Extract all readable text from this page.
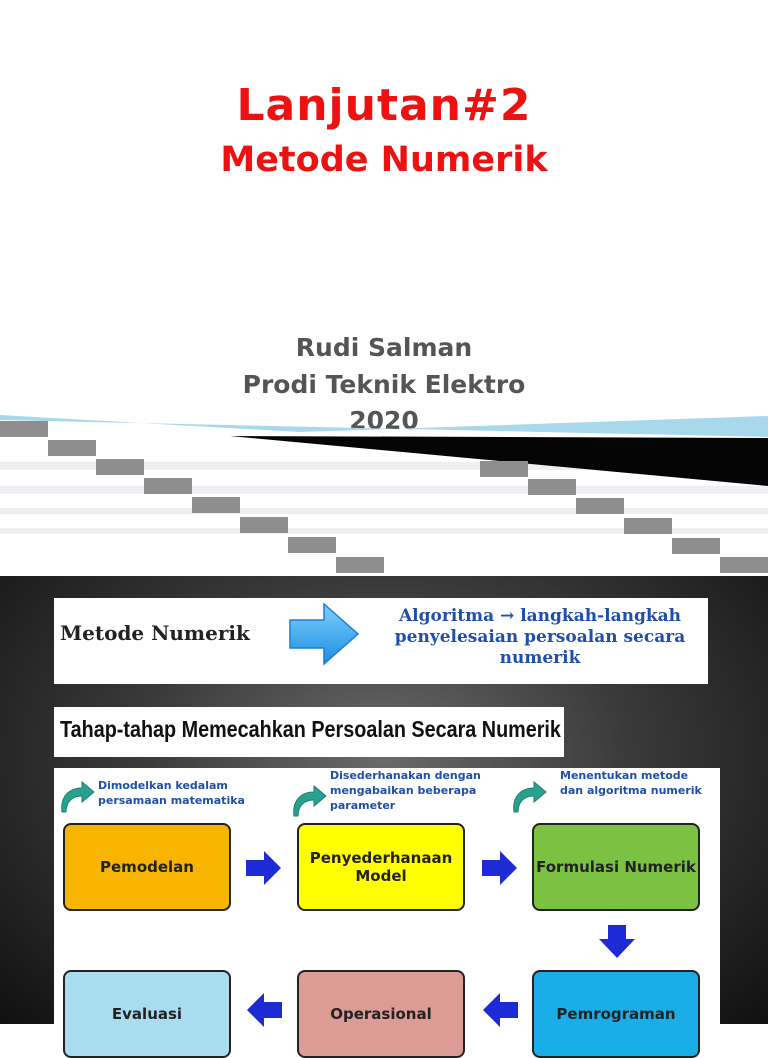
Lanjutan#2
Metode Numerik
Rudi Salman
Prodi Teknik Elektro
2020
Metode Numerik
Algoritma → langkah-langkah penyelesaian persoalan secara numerik
Tahap-tahap Memecahkan Persoalan Secara Numerik
Dimodelkan kedalam persamaan matematika
Disederhanakan dengan mengabaikan beberapa parameter
Menentukan metode dan algoritma numerik
Pemodelan	Penyederhanaan Model	Formulasi Numerik
Evaluasi	Operasional	Pemrograman
